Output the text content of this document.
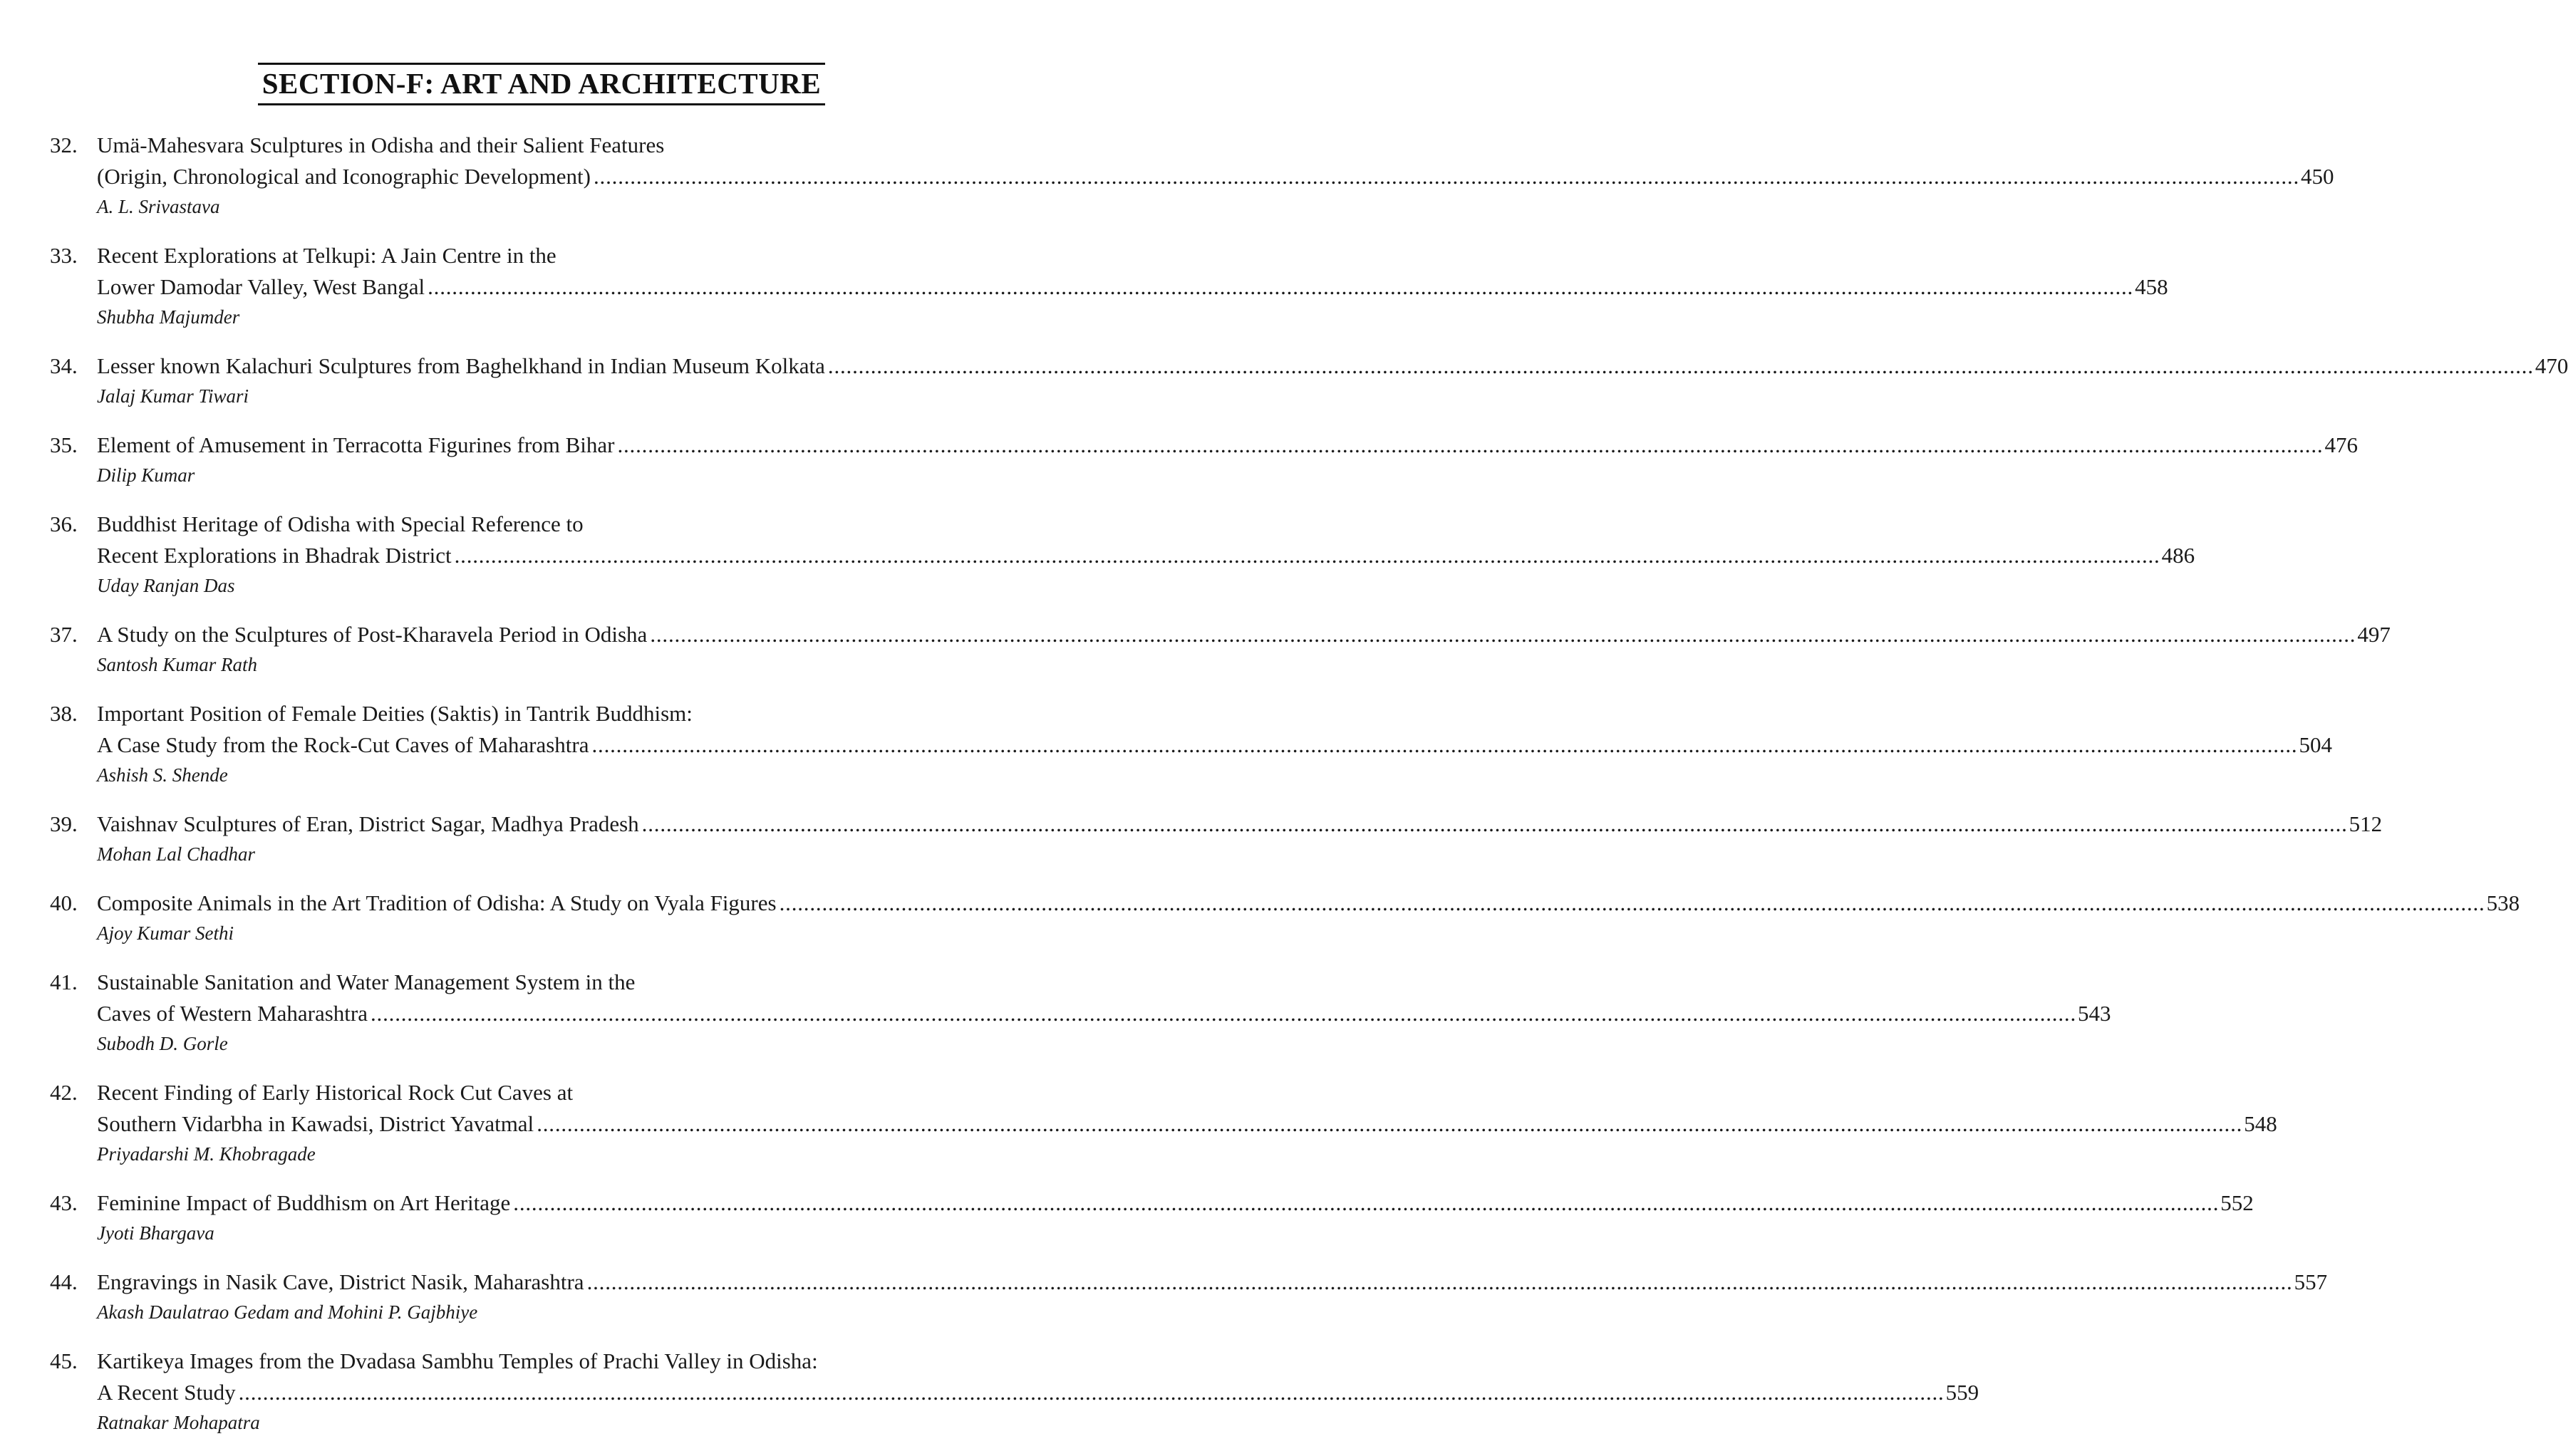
SECTION-F: ART AND ARCHITECTURE
32. Umä-Mahesvara Sculptures in Odisha and their Salient Features
(Origin, Chronological and Iconographic Development) .....	450
A. L. Srivastava
33. Recent Explorations at Telkupi: A Jain Centre in the
Lower Damodar Valley, West Bangal .....	458
Shubha Majumder
34. Lesser known Kalachuri Sculptures from Baghelkhand in Indian Museum Kolkata .....	470
Jalaj Kumar Tiwari
35. Element of Amusement in Terracotta Figurines from Bihar .....	476
Dilip Kumar
36. Buddhist Heritage of Odisha with Special Reference to
Recent Explorations in Bhadrak District .....	486
Uday Ranjan Das
37. A Study on the Sculptures of Post-Kharavela Period in Odisha .....	497
Santosh Kumar Rath
38. Important Position of Female Deities (Saktis) in Tantrik Buddhism:
A Case Study from the Rock-Cut Caves of Maharashtra .....	504
Ashish S. Shende
39. Vaishnav Sculptures of Eran, District Sagar, Madhya Pradesh .....	512
Mohan Lal Chadhar
40. Composite Animals in the Art Tradition of Odisha: A Study on Vyala Figures .....	538
Ajoy Kumar Sethi
41. Sustainable Sanitation and Water Management System in the
Caves of Western Maharashtra .....	543
Subodh D. Gorle
42. Recent Finding of Early Historical Rock Cut Caves at
Southern Vidarbha in Kawadsi, District Yavatmal .....	548
Priyadarshi M. Khobragade
43. Feminine Impact of Buddhism on Art Heritage .....	552
Jyoti Bhargava
44. Engravings in Nasik Cave, District Nasik, Maharashtra .....	557
Akash Daulatrao Gedam and Mohini P. Gajbhiye
45. Kartikeya Images from the Dvadasa Sambhu Temples of Prachi Valley in Odisha:
A Recent Study .....	559
Ratnakar Mohapatra
